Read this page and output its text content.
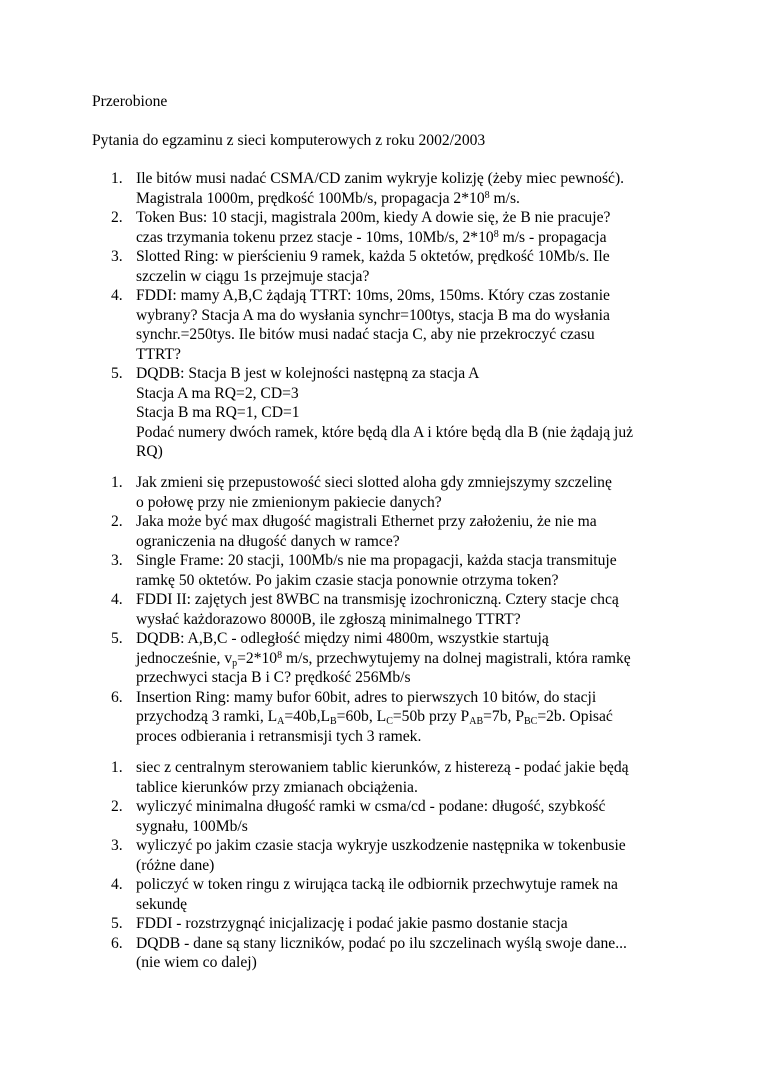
Przerobione

Pytania do egzaminu z sieci komputerowych z roku 2002/2003

1. Ile bitów musi nadać CSMA/CD zanim wykryje kolizję (żeby miec pewność).
Magistrala 1000m, prędkość 100Mb/s, propagacja $2*10^8$ m/s.
2. Token Bus: 10 stacji, magistrala 200m, kiedy A dowie się, że B nie pracuje?
czas trzymania tokenu przez stacje - 10ms, 10Mb/s, $2*10^8$ m/s - propagacja
3. Slotted Ring: w pierścieniu 9 ramek, każda 5 oktetów, prędkość 10Mb/s. Ile
szczelin w ciągu 1s przejmuje stacja?
4. FDDI: mamy A,B,C żądają TTRT: 10ms, 20ms, 150ms. Który czas zostanie
wybrany? Stacja A ma do wysłania synchr=100tys, stacja B ma do wysłania
synchr.=250tys. Ile bitów musi nadać stacja C, aby nie przekroczyć czasu
TTRT?
5. DQDB: Stacja B jest w kolejności następną za stacja A
Stacja A ma RQ=2, CD=3
Stacja B ma RQ=1, CD=1
Podać numery dwóch ramek, które będą dla A i które będą dla B (nie żądają już
RQ)
1. Jak zmieni się przepustowość sieci slotted aloha gdy zmniejszymy szczelinę
o połowę przy nie zmienionym pakiecie danych?
2. Jaka może być max długość magistrali Ethernet przy założeniu, że nie ma
ograniczenia na długość danych w ramce?
3. Single Frame: 20 stacji, 100Mb/s nie ma propagacji, każda stacja transmituje
ramkę 50 oktetów. Po jakim czasie stacja ponownie otrzyma token?
4. FDDI II: zajętych jest 8WBC na transmisję izochroniczną. Cztery stacje chcą
wysłać każdorazowo 8000B, ile zgłoszą minimalnego TTRT?
5. DQDB: A,B,C - odległość między nimi 4800m, wszystkie startują
jednocześnie, $v_p=2*10^8$ m/s, przechwytujemy na dolnej magistrali, która ramkę
przechwyci stacja B i C? prędkość 256Mb/s
6. Insertion Ring: mamy bufor 60bit, adres to pierwszych 10 bitów, do stacji
przychodzą 3 ramki, $L_A=40b,L_B=60b$, $L_C=50b$ przy $P_{AB}=7b$, $P_{BC}=2b$. Opisać
proces odbierania i retransmisji tych 3 ramek.
1. siec z centralnym sterowaniem tablic kierunków, z histerezą - podać jakie będą
tablice kierunków przy zmianach obciążenia.
2. wyliczyć minimalna długość ramki w csma/cd - podane: długość, szybkość
sygnału, 100Mb/s
3. wyliczyć po jakim czasie stacja wykryje uszkodzenie następnika w tokenbusie
(różne dane)
4. policzyć w token ringu z wirująca tacką ile odbiornik przechwytuje ramek na
sekundę
5. FDDI - rozstrzygnąć inicjalizację i podać jakie pasmo dostanie stacja
6. DQDB - dane są stany liczników, podać po ilu szczelinach wyślą swoje dane...
(nie wiem co dalej)
